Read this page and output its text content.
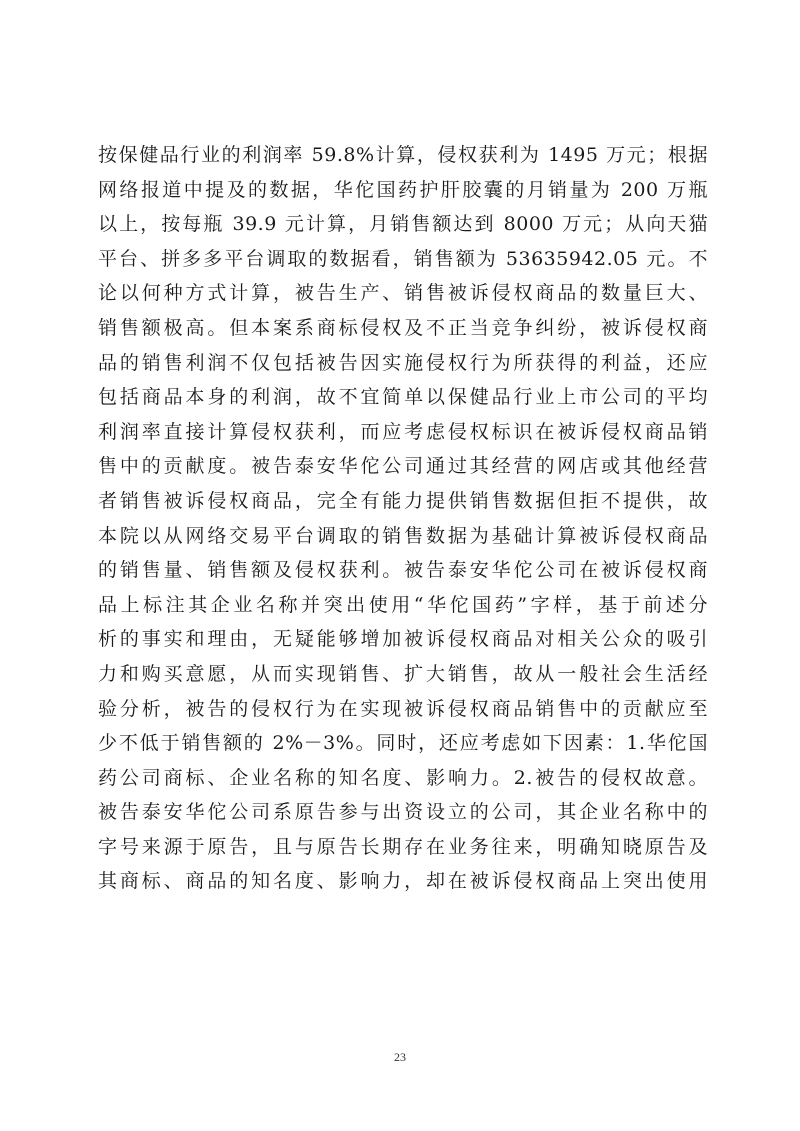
按保健品行业的利润率 59.8%计算，侵权获利为 1495 万元；根据
网络报道中提及的数据，华佗国药护肝胶囊的月销量为 200 万瓶
以上，按每瓶 39.9 元计算，月销售额达到 8000 万元；从向天猫
平台、拼多多平台调取的数据看，销售额为 53635942.05 元。不
论以何种方式计算，被告生产、销售被诉侵权商品的数量巨大、
销售额极高。但本案系商标侵权及不正当竞争纠纷，被诉侵权商
品的销售利润不仅包括被告因实施侵权行为所获得的利益，还应
包括商品本身的利润，故不宜简单以保健品行业上市公司的平均
利润率直接计算侵权获利，而应考虑侵权标识在被诉侵权商品销
售中的贡献度。被告泰安华佗公司通过其经营的网店或其他经营
者销售被诉侵权商品，完全有能力提供销售数据但拒不提供，故
本院以从网络交易平台调取的销售数据为基础计算被诉侵权商品
的销售量、销售额及侵权获利。被告泰安华佗公司在被诉侵权商
品上标注其企业名称并突出使用“华佗国药”字样，基于前述分
析的事实和理由，无疑能够增加被诉侵权商品对相关公众的吸引
力和购买意愿，从而实现销售、扩大销售，故从一般社会生活经
验分析，被告的侵权行为在实现被诉侵权商品销售中的贡献应至
少不低于销售额的 2%－3%。同时，还应考虑如下因素：1.华佗国
药公司商标、企业名称的知名度、影响力。2.被告的侵权故意。
被告泰安华佗公司系原告参与出资设立的公司，其企业名称中的
字号来源于原告，且与原告长期存在业务往来，明确知晓原告及
其商标、商品的知名度、影响力，却在被诉侵权商品上突出使用
23
